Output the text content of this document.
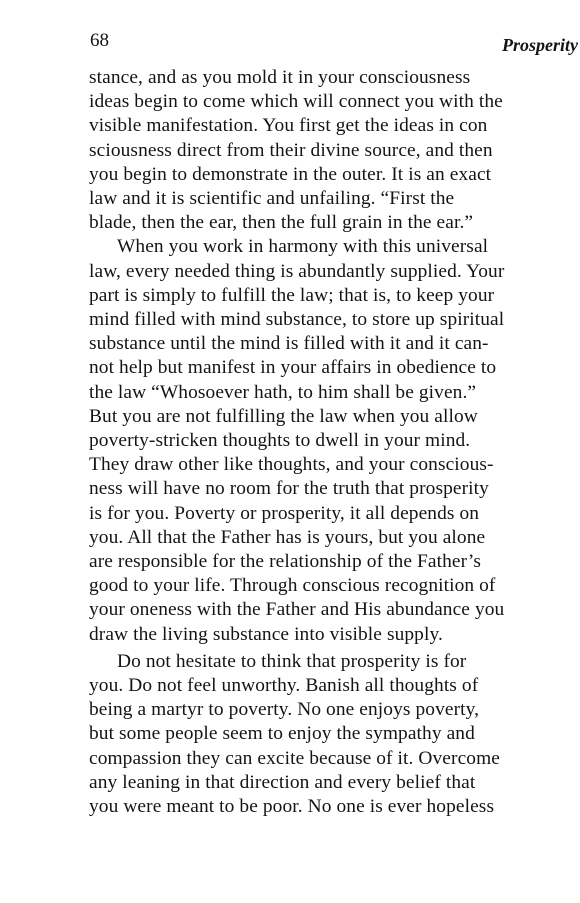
68	Prosperity
stance, and as you mold it in your consciousness
ideas begin to come which will connect you with the
visible manifestation. You first get the ideas in con
sciousness direct from their divine source, and then
you begin to demonstrate in the outer. It is an exact
law and it is scientific and unfailing. “First the
blade, then the ear, then the full grain in the ear.”
When you work in harmony with this universal
law, every needed thing is abundantly supplied. Your
part is simply to fulfill the law; that is, to keep your
mind filled with mind substance, to store up spiritual
substance until the mind is filled with it and it can-
not help but manifest in your affairs in obedience to
the law “Whosoever hath, to him shall be given.”
But you are not fulfilling the law when you allow
poverty-stricken thoughts to dwell in your mind.
They draw other like thoughts, and your conscious-
ness will have no room for the truth that prosperity
is for you. Poverty or prosperity, it all depends on
you. All that the Father has is yours, but you alone
are responsible for the relationship of the Father’s
good to your life. Through conscious recognition of
your oneness with the Father and His abundance you
draw the living substance into visible supply.
Do not hesitate to think that prosperity is for
you. Do not feel unworthy. Banish all thoughts of
being a martyr to poverty. No one enjoys poverty,
but some people seem to enjoy the sympathy and
compassion they can excite because of it. Overcome
any leaning in that direction and every belief that
you were meant to be poor. No one is ever hopeless
